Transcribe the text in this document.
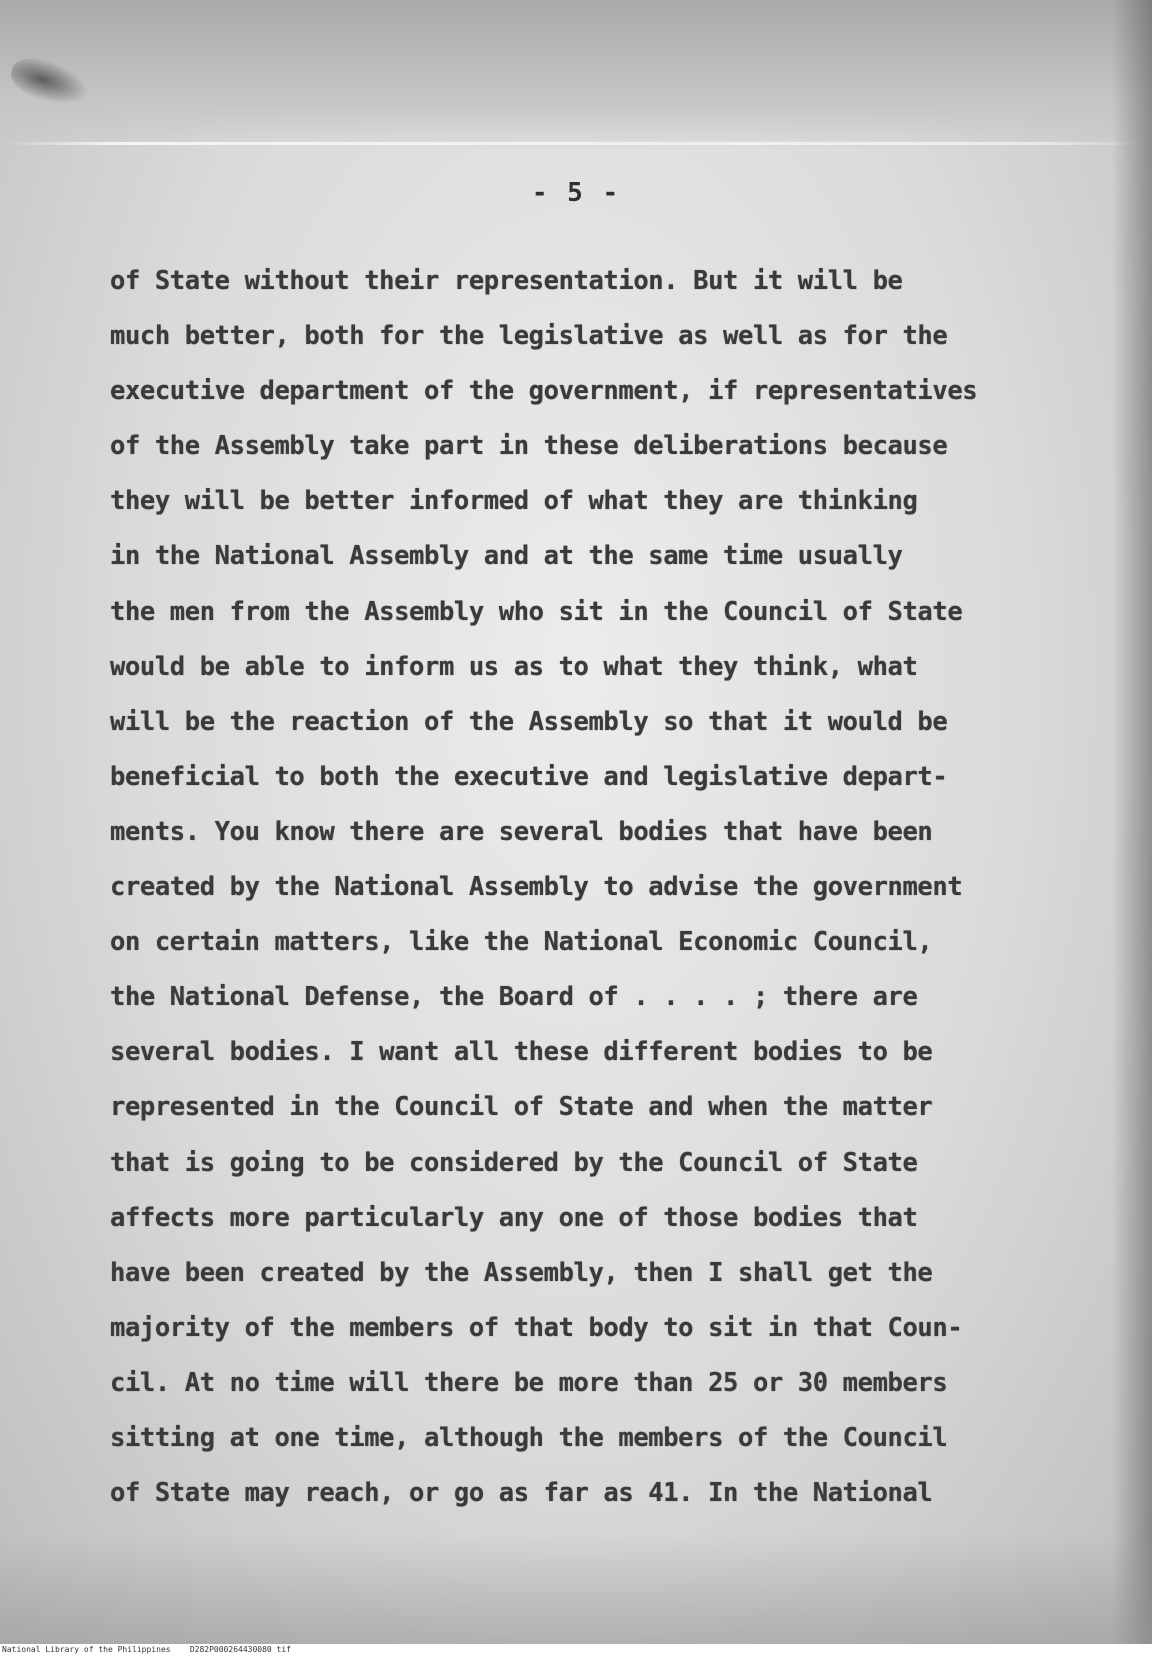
- 5 -
of State without their representation. But it will be
much better, both for the legislative as well as for the
executive department of the government, if representatives
of the Assembly take part in these deliberations because
they will be better informed of what they are thinking
in the National Assembly and at the same time usually
the men from the Assembly who sit in the Council of State
would be able to inform us as to what they think, what
will be the reaction of the Assembly so that it would be
beneficial to both the executive and legislative depart-
ments. You know there are several bodies that have been
created by the National Assembly to advise the government
on certain matters, like the National Economic Council,
the National Defense, the Board of . . . . ; there are
several bodies. I want all these different bodies to be
represented in the Council of State and when the matter
that is going to be considered by the Council of State
affects more particularly any one of those bodies that
have been created by the Assembly, then I shall get the
majority of the members of that body to sit in that Coun-
cil. At no time will there be more than 25 or 30 members
sitting at one time, although the members of the Council
of State may reach, or go as far as 41. In the National
National Library of the Philippines    D282P000264430080 tif
